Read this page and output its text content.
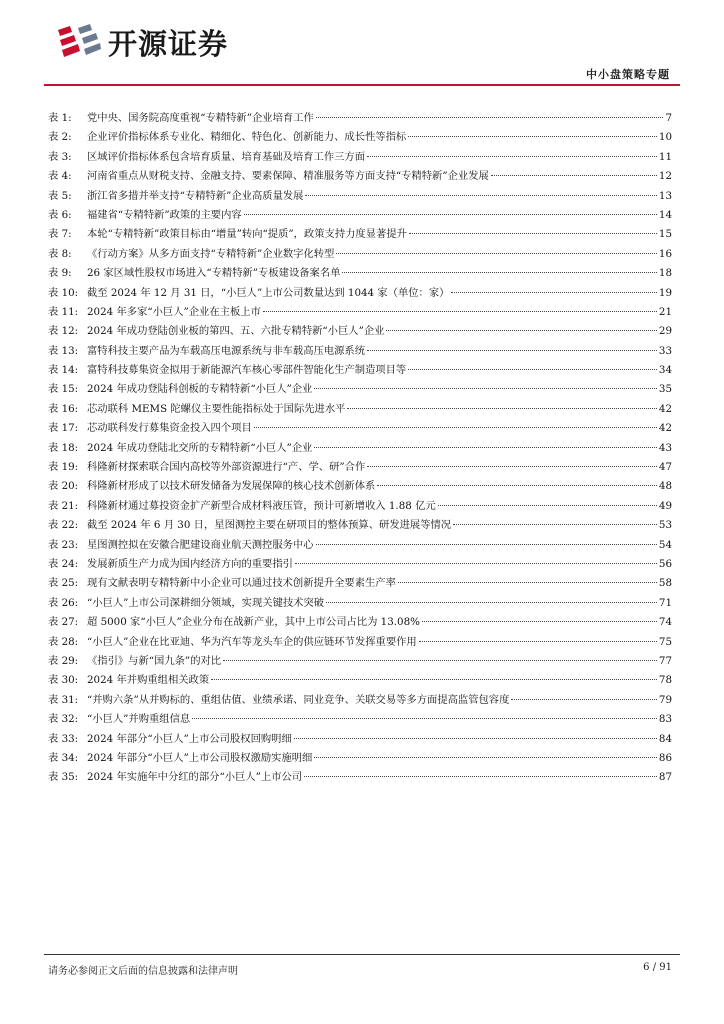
开源证券
中小盘策略专题
表 1:	党中央、国务院高度重视“专精特新”企业培育工作	7
表 2:	企业评价指标体系专业化、精细化、特色化、创新能力、成长性等指标	10
表 3:	区域评价指标体系包含培育质量、培育基础及培育工作三方面	11
表 4:	河南省重点从财税支持、金融支持、要素保障、精准服务等方面支持“专精特新”企业发展	12
表 5:	浙江省多措并举支持“专精特新”企业高质量发展	13
表 6:	福建省“专精特新”政策的主要内容	14
表 7:	本轮“专精特新”政策目标由“增量”转向“提质”，政策支持力度显著提升	15
表 8:	《行动方案》从多方面支持“专精特新”企业数字化转型	16
表 9:	26 家区域性股权市场进入“专精特新”专板建设备案名单	18
表 10: 截至 2024 年 12 月 31 日，“小巨人”上市公司数量达到 1044 家（单位：家）	19
表 11: 2024 年多家“小巨人”企业在主板上市	21
表 12: 2024 年成功登陆创业板的第四、五、六批专精特新“小巨人”企业	29
表 13: 富特科技主要产品为车载高压电源系统与非车载高压电源系统	33
表 14: 富特科技募集资金拟用于新能源汽车核心零部件智能化生产制造项目等	34
表 15: 2024 年成功登陆科创板的专精特新“小巨人”企业	35
表 16: 芯动联科 MEMS 陀螺仪主要性能指标处于国际先进水平	42
表 17: 芯动联科发行募集资金投入四个项目	42
表 18: 2024 年成功登陆北交所的专精特新“小巨人”企业	43
表 19: 科隆新材探索联合国内高校等外部资源进行“产、学、研”合作	47
表 20: 科隆新材形成了以技术研发储备为发展保障的核心技术创新体系	48
表 21: 科隆新材通过募投资金扩产新型合成材料液压管，预计可新增收入 1.88 亿元	49
表 22: 截至 2024 年 6 月 30 日，星图测控主要在研项目的整体预算、研发进展等情况	53
表 23: 星图测控拟在安徽合肥建设商业航天测控服务中心	54
表 24: 发展新质生产力成为国内经济方向的重要指引	56
表 25: 现有文献表明专精特新中小企业可以通过技术创新提升全要素生产率	58
表 26: “小巨人”上市公司深耕细分领域，实现关键技术突破	71
表 27: 超 5000 家“小巨人”企业分布在战新产业，其中上市公司占比为 13.08%	74
表 28: “小巨人”企业在比亚迪、华为汽车等龙头车企的供应链环节发挥重要作用	75
表 29: 《指引》与新“国九条”的对比	77
表 30: 2024 年并购重组相关政策	78
表 31: “并购六条”从并购标的、重组估值、业绩承诺、同业竞争、关联交易等多方面提高监管包容度	79
表 32: “小巨人”并购重组信息	83
表 33: 2024 年部分“小巨人”上市公司股权回购明细	84
表 34: 2024 年部分“小巨人”上市公司股权激励实施明细	86
表 35: 2024 年实施年中分红的部分“小巨人”上市公司	87
请务必参阅正文后面的信息披露和法律声明	6 / 91
